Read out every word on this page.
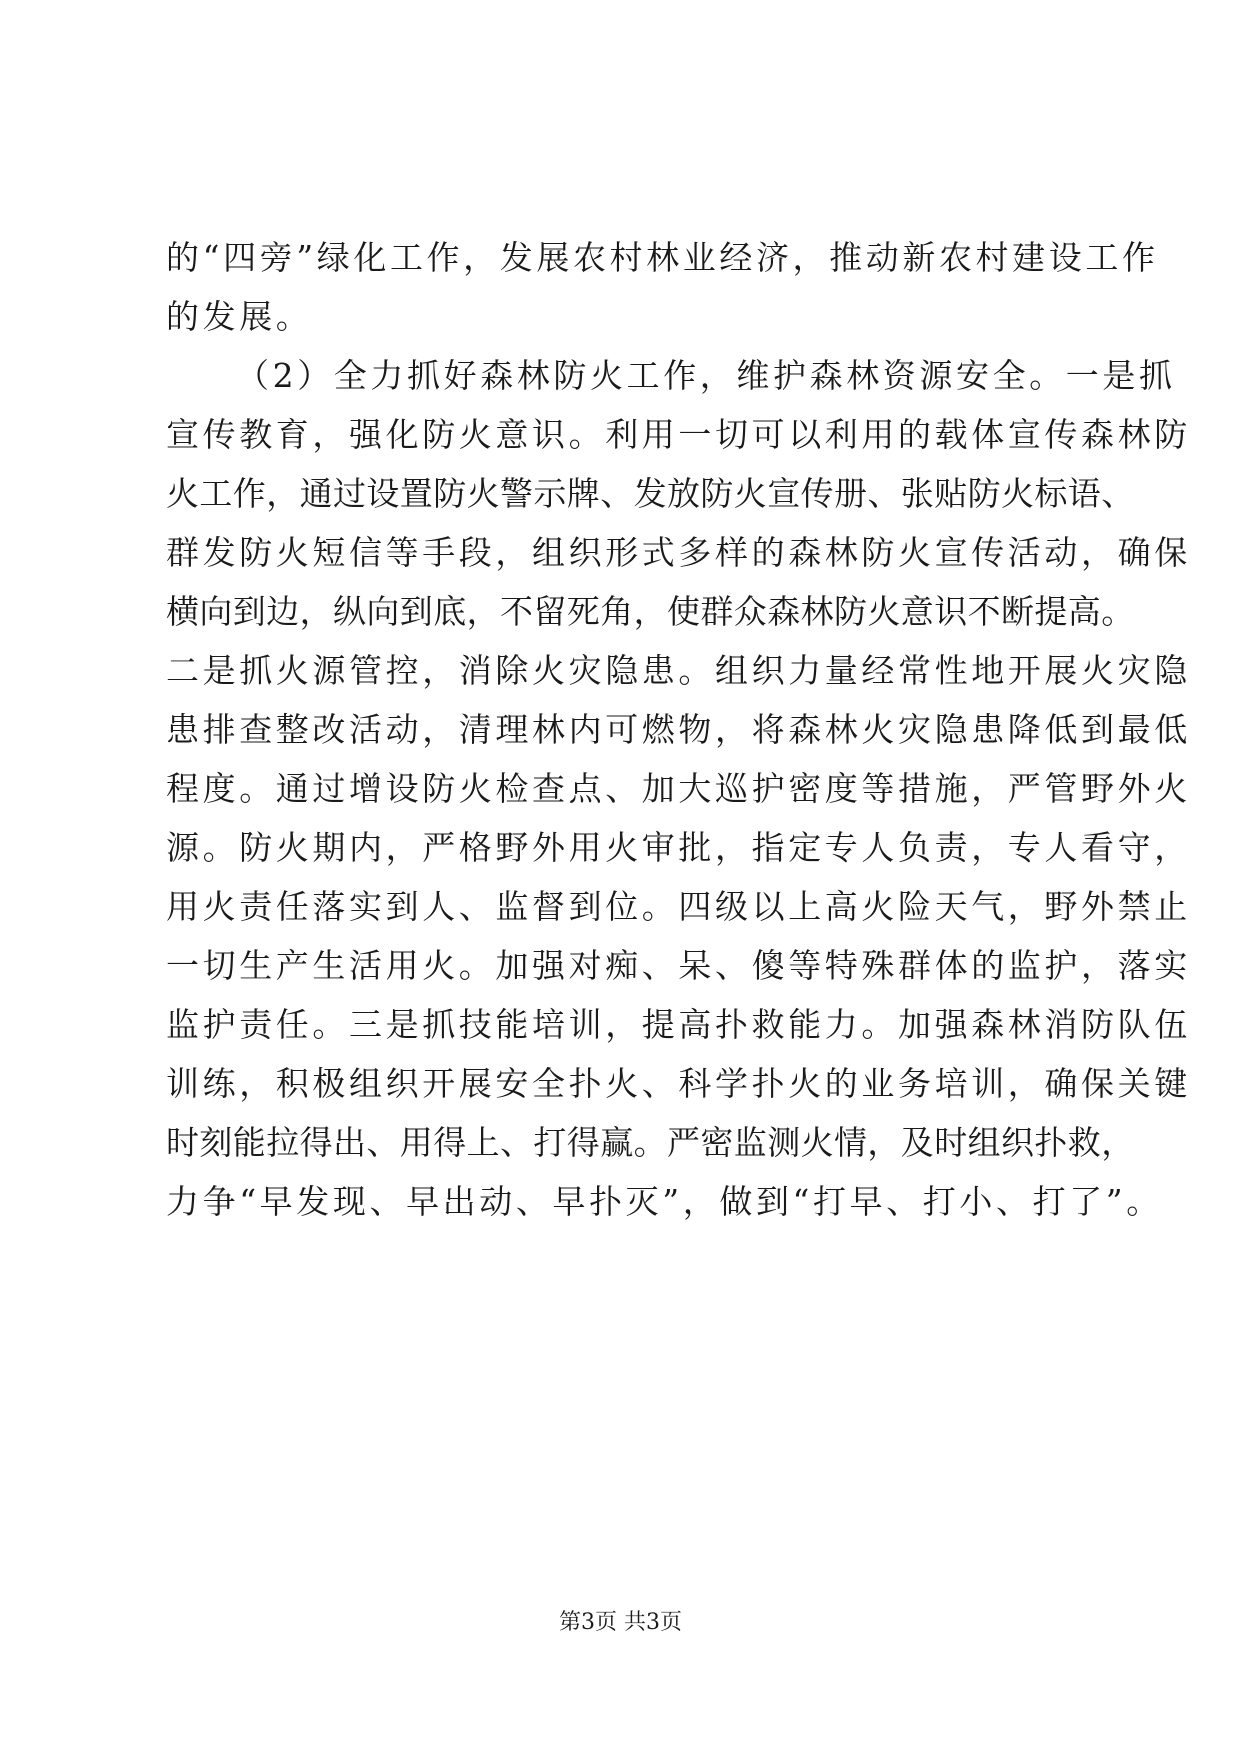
的“四旁”绿化工作，发展农村林业经济，推动新农村建设工作
的发展。
（2）全力抓好森林防火工作，维护森林资源安全。一是抓
宣传教育，强化防火意识。利用一切可以利用的载体宣传森林防
火工作，通过设置防火警示牌、发放防火宣传册、张贴防火标语、
群发防火短信等手段，组织形式多样的森林防火宣传活动，确保
横向到边，纵向到底，不留死角，使群众森林防火意识不断提高。
二是抓火源管控，消除火灾隐患。组织力量经常性地开展火灾隐
患排查整改活动，清理林内可燃物，将森林火灾隐患降低到最低
程度。通过增设防火检查点、加大巡护密度等措施，严管野外火
源。防火期内，严格野外用火审批，指定专人负责，专人看守，
用火责任落实到人、监督到位。四级以上高火险天气，野外禁止
一切生产生活用火。加强对痴、呆、傻等特殊群体的监护，落实
监护责任。三是抓技能培训，提高扑救能力。加强森林消防队伍
训练，积极组织开展安全扑火、科学扑火的业务培训，确保关键
时刻能拉得出、用得上、打得赢。严密监测火情，及时组织扑救，
力争“早发现、早出动、早扑灭”，做到“打早、打小、打了”。
第3页 共3页
